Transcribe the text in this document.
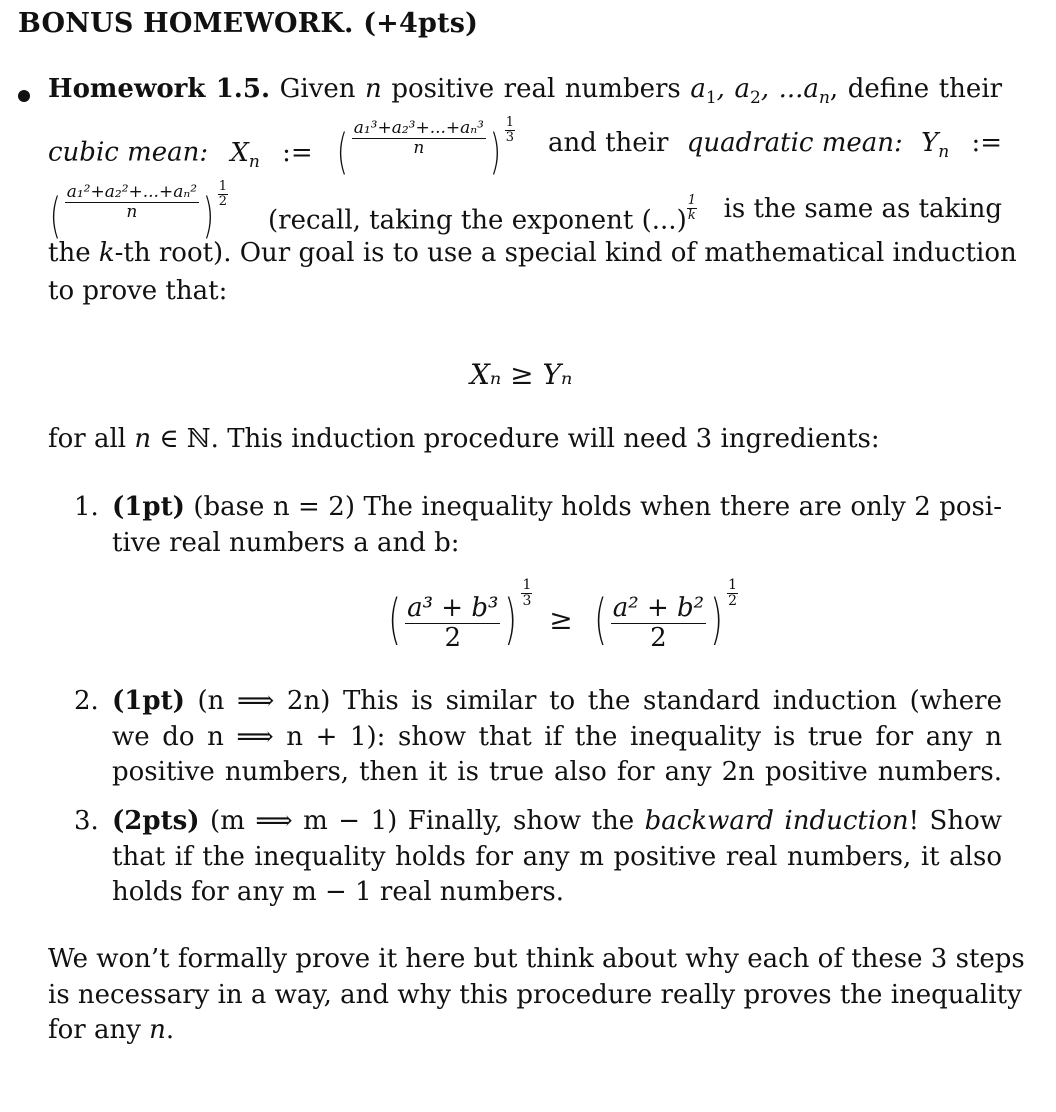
BONUS HOMEWORK. (+4pts)
Homework 1.5. Given n positive real numbers $a_1$, $a_2$, $...a_n$, define their
cubic mean: $X_n$ := ( $\frac{\text{a₁³+a₂³+...+aₙ³}}{n}$ ) $\frac{1}{3}$ and their quadratic mean: $Y_n$ :=
( $\frac{\text{a₁²+a₂²+...+aₙ²}}{n}$ ) $\frac{1}{2}$
(recall, taking the exponent (...) $\frac{1}{k}$ is the same as taking
the k-th root). Our goal is to use a special kind of mathematical induction
to prove that:
Xₙ ≥ Yₙ
for all n ∈ ℕ. This induction procedure will need 3 ingredients:
1. (1pt) (base n = 2) The inequality holds when there are only 2 posi-
tive real numbers a and b:
( $\frac{\text{a³ + b³}}{2}$ ) $\frac{1}{3}$
≥ ( $\frac{\text{a² + b²}}{2}$ ) $\frac{1}{2}$
2. (1pt) (n ⟹ 2n) This is similar to the standard induction (where
we do n ⟹ n + 1): show that if the inequality is true for any n
positive numbers, then it is true also for any 2n positive numbers.
3. (2pts) (m ⟹ m − 1) Finally, show the backward induction! Show
that if the inequality holds for any m positive real numbers, it also
holds for any m − 1 real numbers.
We won’t formally prove it here but think about why each of these 3 steps
is necessary in a way, and why this procedure really proves the inequality
for any n.
